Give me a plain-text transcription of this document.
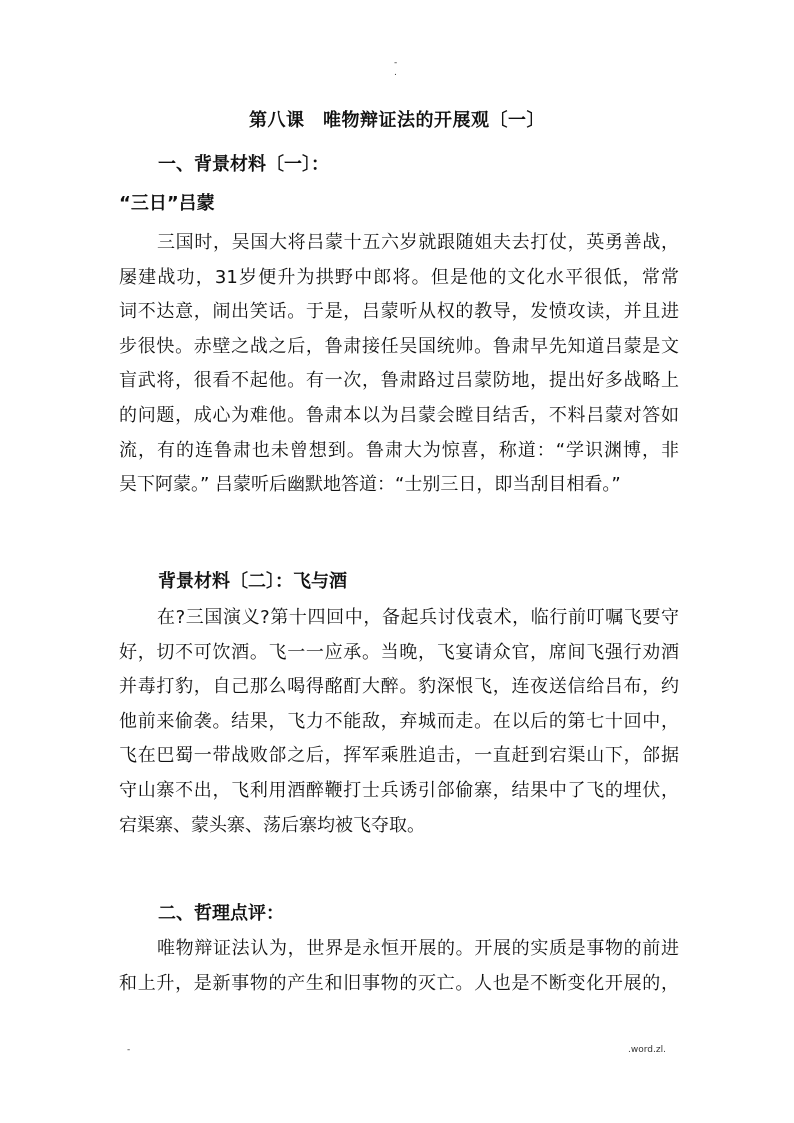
-
.
第八课　唯物辩证法的开展观〔一〕
一、背景材料〔一〕：
“三日”吕蒙
三国时，吴国大将吕蒙十五六岁就跟随姐夫去打仗，英勇善战，
屡建战功，31岁便升为拱野中郎将。但是他的文化水平很低，常常
词不达意，闹出笑话。于是，吕蒙听从权的教导，发愤攻读，并且进
步很快。赤壁之战之后，鲁肃接任吴国统帅。鲁肃早先知道吕蒙是文
盲武将，很看不起他。有一次，鲁肃路过吕蒙防地，提出好多战略上
的问题，成心为难他。鲁肃本以为吕蒙会瞠目结舌，不料吕蒙对答如
流，有的连鲁肃也未曾想到。鲁肃大为惊喜，称道：“学识渊博，非
吴下阿蒙。” 吕蒙听后幽默地答道：“士别三日，即当刮目相看。”
背景材料〔二〕：飞与酒
在?三国演义?第十四回中，备起兵讨伐袁术，临行前叮嘱飞要守
好，切不可饮酒。飞一一应承。当晚，飞宴请众官，席间飞强行劝酒
并毒打豹，自己那么喝得酩酊大醉。豹深恨飞，连夜送信给吕布，约
他前来偷袭。结果，飞力不能敌，弃城而走。在以后的第七十回中，
飞在巴蜀一带战败郃之后，挥军乘胜追击，一直赶到宕渠山下，郃据
守山寨不出，飞利用酒醉鞭打士兵诱引郃偷寨，结果中了飞的埋伏，
宕渠寨、蒙头寨、荡后寨均被飞夺取。
二、哲理点评：
唯物辩证法认为，世界是永恒开展的。开展的实质是事物的前进
和上升，是新事物的产生和旧事物的灭亡。人也是不断变化开展的，
-	.word.zl.
